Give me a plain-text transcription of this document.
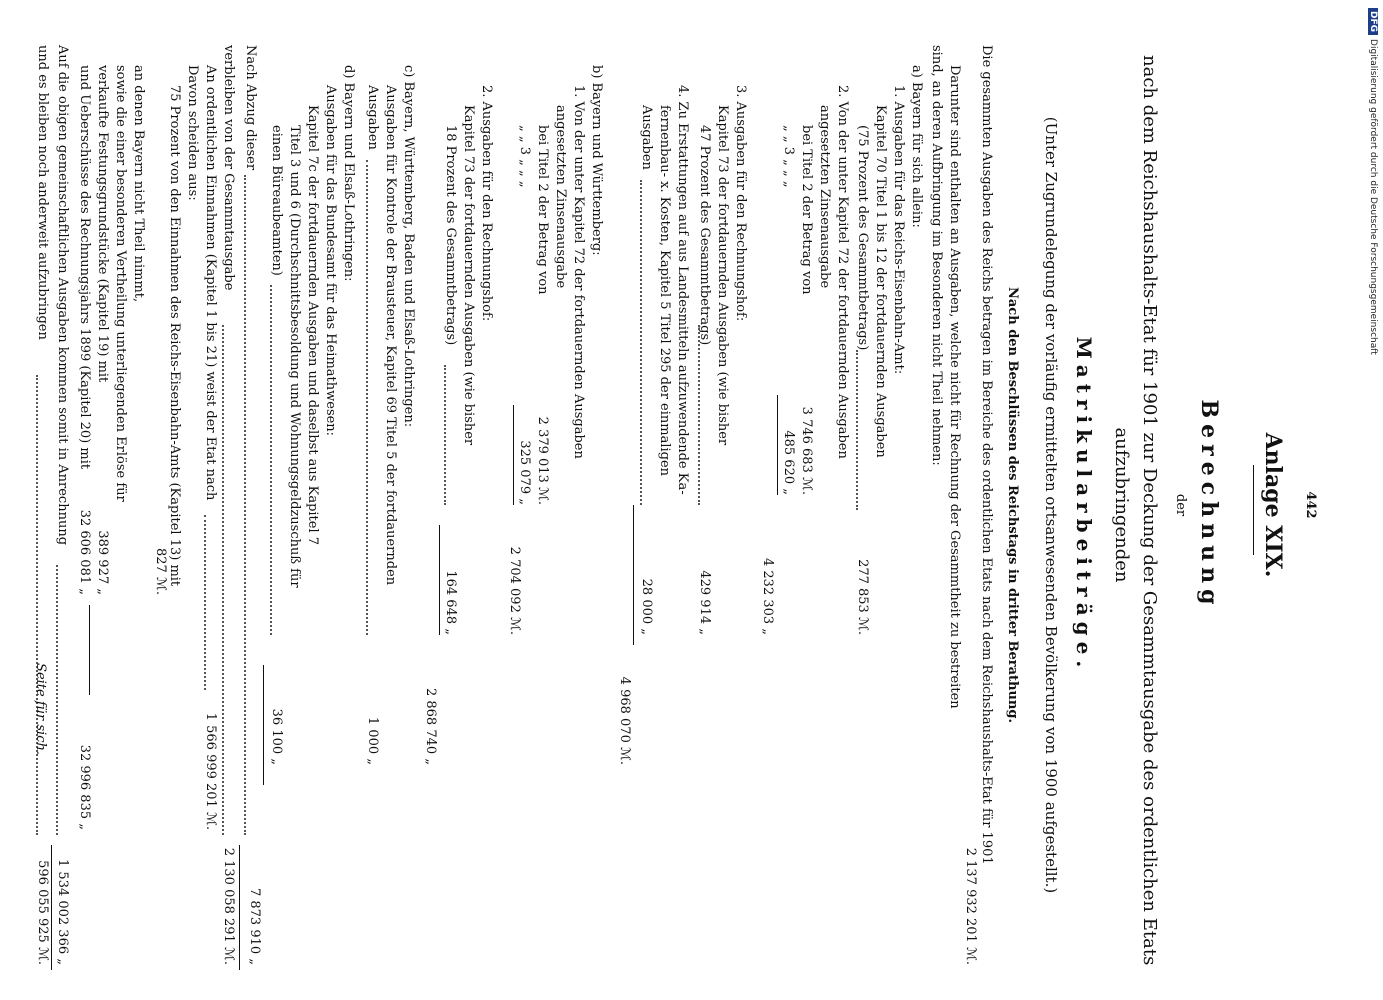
442
Anlage XIX.
Berechnung
der
nach dem Reichshaushalts-Etat für 1901 zur Deckung der Gesammtausgabe des ordentlichen Etats
aufzubringenden
Matrikularbeiträge.
(Unter Zugrundelegung der vorläufig ermittelten ortsanwesenden Bevölkerung von 1900 aufgestellt.)
Nach den Beschlüssen des Reichstags in dritter Berathung.
Die gesammten Ausgaben des Reichs betragen im Bereiche des ordentlichen Etats nach dem Reichshaushalts-Etat für 1901
2 137 932 201 ℳ.
Darunter sind enthalten an Ausgaben, welche nicht für Rechnung der Gesammtheit zu bestreiten
sind, an deren Aufbringung im Besonderen nicht Theil nehmen:
a) Bayern für sich allein:
1. Ausgaben für das Reichs-Eisenbahn-Amt:
Kapitel 70 Titel 1 bis 12 der fortdauernden Ausgaben
(75 Prozent des Gesammtbetrags)
277 853 ℳ.
2. Von der unter Kapitel 72 der fortdauernden Ausgaben
angesetzten Zinsenausgabe
bei Titel 2 der Betrag von
3 746 683 ℳ.
„ „ 3 „ „ „
485 620 „
4 232 303 „
3. Ausgaben für den Rechnungshof:
Kapitel 73 der fortdauernden Ausgaben (wie bisher
47 Prozent des Gesammtbetrags)
429 914 „
4. Zu Erstattungen auf aus Landesmitteln aufzuwendende Ka-
fernenbau- x. Kosten, Kapitel 5 Titel 295 der einmaligen
Ausgaben
28 000 „
4 968 070 ℳ.
b) Bayern und Württemberg:
1. Von der unter Kapitel 72 der fortdauernden Ausgaben
angesetzten Zinsenausgabe
bei Titel 2 der Betrag von
2 379 013 ℳ.
„ „ 3 „ „ „
325 079 „
2 704 092 ℳ.
2. Ausgaben für den Rechnungshof:
Kapitel 73 der fortdauernden Ausgaben (wie bisher
18 Prozent des Gesammtbetrags)
164 648 „
2 868 740 „
c) Bayern, Württemberg, Baden und Elsaß-Lothringen:
Ausgaben für Kontrole der Brausteuer, Kapitel 69 Titel 5 der fortdauernden
Ausgaben
1 000 „
d) Bayern und Elsaß-Lothringen:
Ausgaben für das Bundesamt für das Heimathwesen:
Kapitel 7c der fortdauernden Ausgaben und daselbst aus Kapitel 7
Titel 3 und 6 (Durchschnittsbesoldung und Wohnungsgeldzuschuß für
einen Büreaubeamten)
36 100 „
Nach Abzug dieser
7 873 910 „
verbleiben von der Gesammtausgabe
2 130 058 291 ℳ.
An ordentlichen Einnahmen (Kapitel 1 bis 21) weist der Etat nach
1 566 999 201 ℳ.
Davon scheiden aus:
75 Prozent von den Einnahmen des Reichs-Eisenbahn-Amts (Kapitel 13) mit
827 ℳ.
an denen Bayern nicht Theil nimmt,
sowie die einer besonderen Vertheilung unterliegenden Erlöse für
verkaufte Festungsgrundstücke (Kapitel 19) mit
389 927 „
und Ueberschüsse des Rechnungsjahrs 1899 (Kapitel 20) mit
32 606 081 „
32 996 835 „
Auf die obigen gemeinschaftlichen Ausgaben kommen somit in Anrechnung
1 534 002 366 „
und es bleiben noch anderweit aufzubringen
596 055 925 ℳ.
Seite für sich.
DFGDigitalisierung gefördert durch die Deutsche Forschungsgemeinschaft
